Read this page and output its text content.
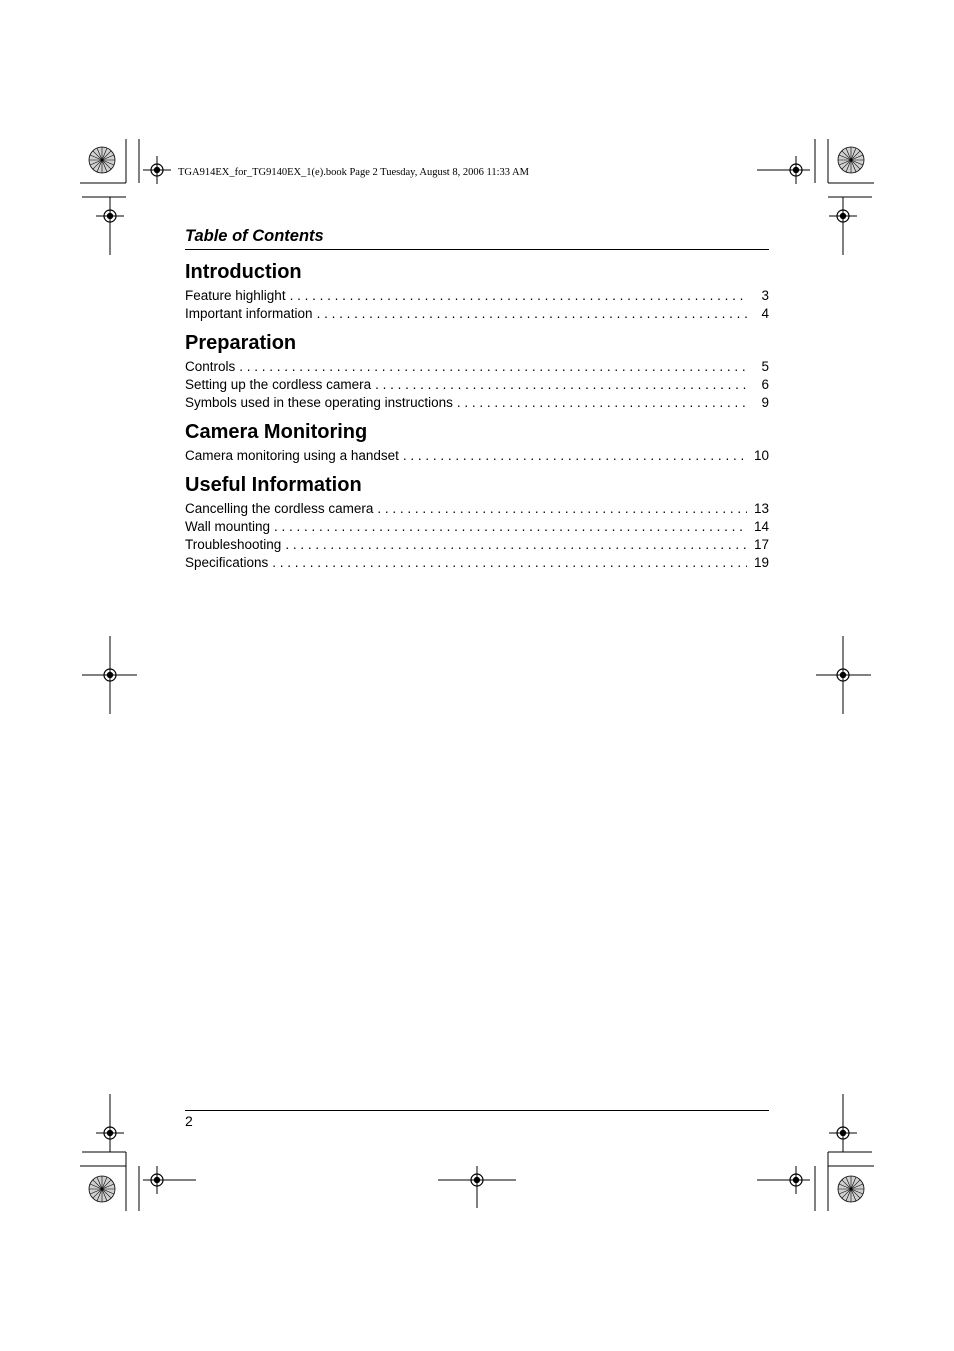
TGA914EX_for_TG9140EX_1(e).book Page 2 Tuesday, August 8, 2006 11:33 AM
Table of Contents
Introduction
Feature highlight . . .	3
Important information . . .	4
Preparation
Controls . . .	5
Setting up the cordless camera . . .	6
Symbols used in these operating instructions . . .	9
Camera Monitoring
Camera monitoring using a handset . . .	10
Useful Information
Cancelling the cordless camera . . .	13
Wall mounting . . .	14
Troubleshooting . . .	17
Specifications . . .	19
2
